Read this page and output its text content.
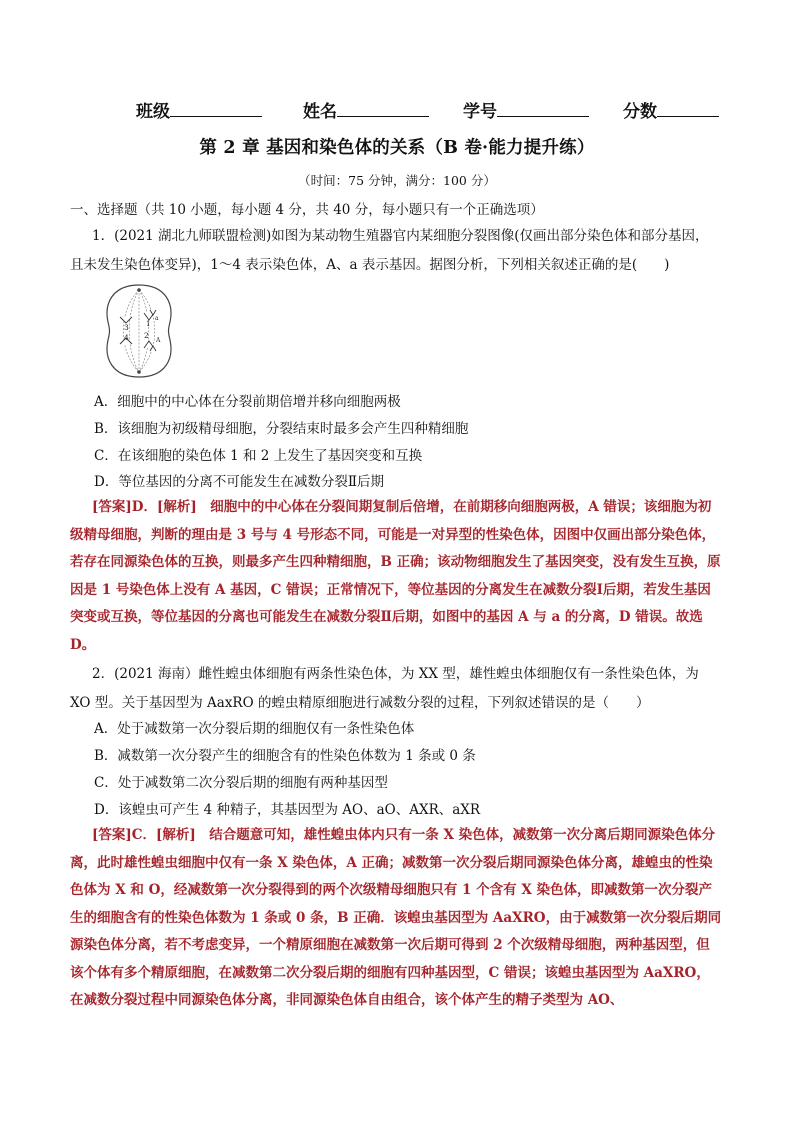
班级	姓名	学号	分数
第 2 章 基因和染色体的关系（B 卷·能力提升练）
（时间：75 分钟，满分：100 分）
一、选择题（共 10 小题，每小题 4 分，共 40 分，每小题只有一个正确选项）
1．(2021 湖北九师联盟检测)如图为某动物生殖器官内某细胞分裂图像(仅画出部分染色体和部分基因，且未发生染色体变异)，1～4 表示染色体，A、a 表示基因。据图分析，下列相关叙述正确的是(　　)
3
4
1
2
a
A
A．细胞中的中心体在分裂前期倍增并移向细胞两极
B．该细胞为初级精母细胞，分裂结束时最多会产生四种精细胞
C．在该细胞的染色体 1 和 2 上发生了基因突变和互换
D．等位基因的分离不可能发生在减数分裂Ⅱ后期
[答案]D．[解析]　细胞中的中心体在分裂间期复制后倍增，在前期移向细胞两极，A 错误；该细胞为初级精母细胞，判断的理由是 3 号与 4 号形态不同，可能是一对异型的性染色体，因图中仅画出部分染色体，若存在同源染色体的互换，则最多产生四种精细胞，B 正确；该动物细胞发生了基因突变，没有发生互换，原因是 1 号染色体上没有 A 基因，C 错误；正常情况下，等位基因的分离发生在减数分裂Ⅰ后期，若发生基因突变或互换，等位基因的分离也可能发生在减数分裂Ⅱ后期，如图中的基因 A 与 a 的分离，D 错误。故选 D。
2．(2021 海南）雌性蝗虫体细胞有两条性染色体，为 XX 型，雄性蝗虫体细胞仅有一条性染色体，为 XO 型。关于基因型为 AaxRO 的蝗虫精原细胞进行减数分裂的过程，下列叙述错误的是（　　）
A．处于减数第一次分裂后期的细胞仅有一条性染色体
B．减数第一次分裂产生的细胞含有的性染色体数为 1 条或 0 条
C．处于减数第二次分裂后期的细胞有两种基因型
D．该蝗虫可产生 4 种精子，其基因型为 AO、aO、AXR、aXR
[答案]C．[解析]　结合题意可知，雄性蝗虫体内只有一条 X 染色体，减数第一次分离后期同源染色体分离，此时雄性蝗虫细胞中仅有一条 X 染色体，A 正确；减数第一次分裂后期同源染色体分离，雄蝗虫的性染色体为 X 和 O，经减数第一次分裂得到的两个次级精母细胞只有 1 个含有 X 染色体，即减数第一次分裂产生的细胞含有的性染色体数为 1 条或 0 条，B 正确．该蝗虫基因型为 AaXRO，由于减数第一次分裂后期同源染色体分离，若不考虑变异，一个精原细胞在减数第一次后期可得到 2 个次级精母细胞，两种基因型，但该个体有多个精原细胞，在减数第二次分裂后期的细胞有四种基因型，C 错误；该蝗虫基因型为 AaXRO，在减数分裂过程中同源染色体分离，非同源染色体自由组合，该个体产生的精子类型为 AO、
